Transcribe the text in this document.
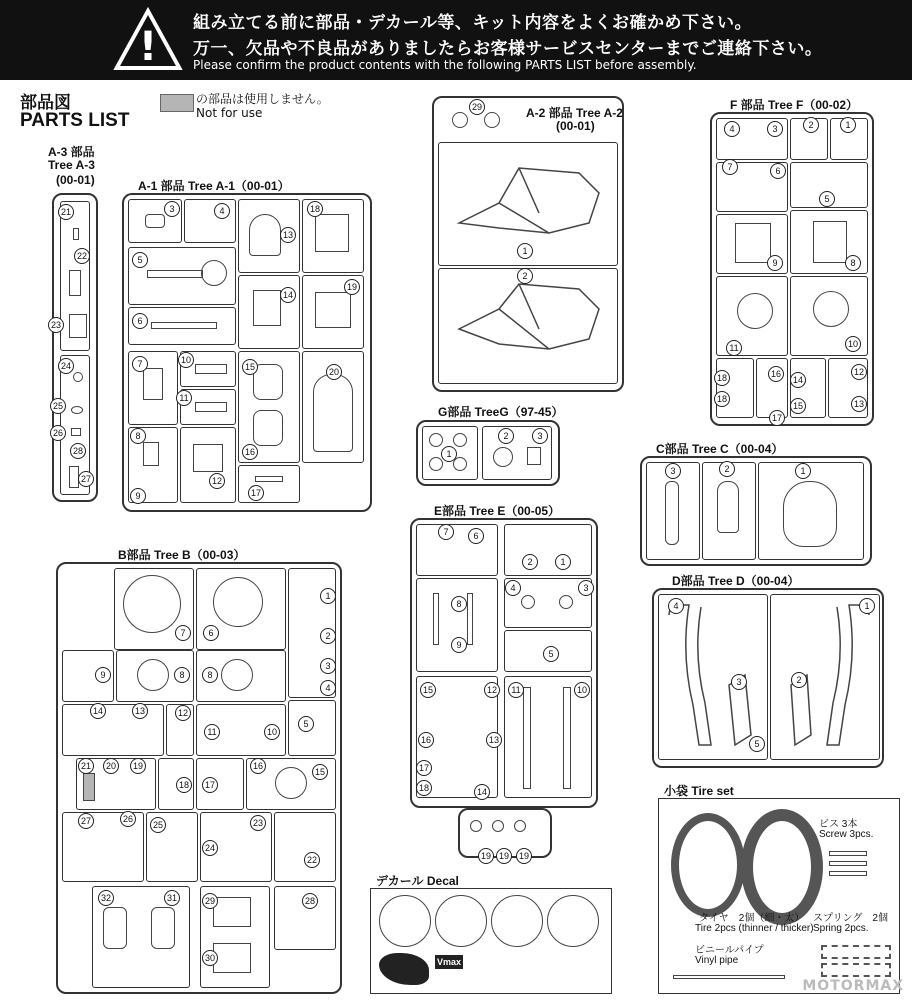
!
組み立てる前に部品・デカール等、キット内容をよくお確かめ下さい。
万一、欠品や不良品がありましたらお客様サービスセンターまでご連絡下さい。
Please confirm the product contents with the following PARTS LIST before assembly.
部品図
PARTS LIST
の部品は使用しません。
Not for use
A-3 部品
Tree A-3
(00-01)
21
22
23
24
25
26
28
27
A-1 部品 Tree A-1（00-01）
3	4
13
18
5
14
19
6
7	10
11
15	20
8
16
9
12
17
A-2 部品 Tree A-2
(00-01)
29
1
2
F 部品 Tree F（00-02）
4	3	2	1
7	6
5
9	8
11	10
18	16
14
12
18
15
17
13
G部品 TreeG（97-45）
2	3
1	C部品 Tree C（00-04）
3	2	1
E部品 Tree E（00-05）
7	6
2	1
8
4	3
9
5
15	12	11	10
16	13
17
18	14
19 19	19
D部品 Tree D（00-04）
4
3	2
1
5
B部品 Tree B（00-03）
7	6
1
2
3
4
9	8	8
14	13	12
11	10
5
21	20	19
18	17
16
15
27	26
25	23
24
22
32	31	29	28
30
デカール Decal
Vmax
小袋 Tire set
ビス 3本
Screw 3pcs.
タイヤ　2個（細・太）
Tire 2pcs (thinner / thicker)
スプリング　2個
Spring 2pcs.
ビニールパイプ
Vinyl pipe
MOTORMAX
